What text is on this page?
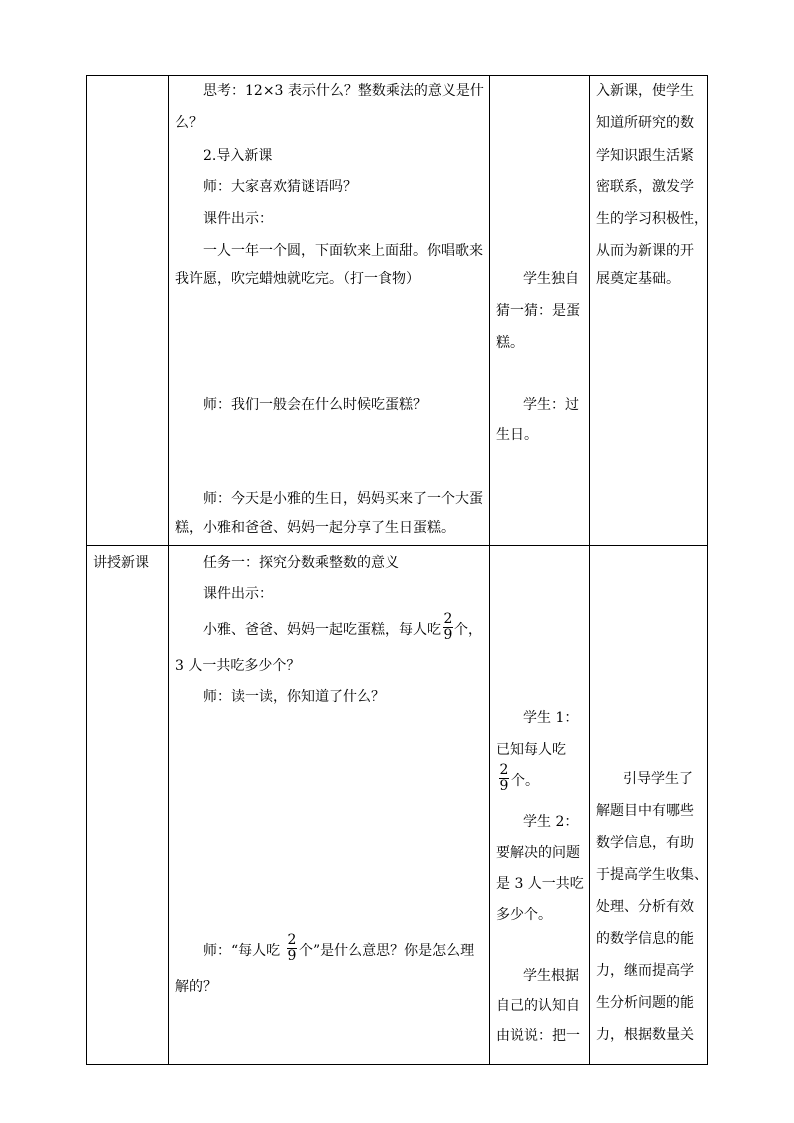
思考：12×3 表示什么？整数乘法的意义是什
么？
2.导入新课
师：大家喜欢猜谜语吗？
课件出示：
一人一年一个圆，下面软来上面甜。你唱歌来
我许愿，吹完蜡烛就吃完。（打一食物）
师：我们一般会在什么时候吃蛋糕？
师：今天是小雅的生日，妈妈买来了一个大蛋
糕，小雅和爸爸、妈妈一起分享了生日蛋糕。
学生独自
猜一猜：是蛋
糕。
学生：过
生日。
入新课，使学生
知道所研究的数
学知识跟生活紧
密联系，激发学
生的学习积极性，
从而为新课的开
展奠定基础。
讲授新课	任务一：探究分数乘整数的意义
课件出示：
小雅、爸爸、妈妈一起吃蛋糕，每人吃
2
9 个，
3 人一共吃多少个？
师：读一读，你知道了什么？
师：“每人吃
2
9 个”是什么意思？你是怎么理
解的？
学生 1：
已知每人吃
2
9 个。
学生 2：
要解决的问题
是 3 人一共吃
多少个。
学生根据
自己的认知自
由说说：把一
引导学生了
解题目中有哪些
数学信息，有助
于提高学生收集、
处理、分析有效
的数学信息的能
力，继而提高学
生分析问题的能
力，根据数量关
